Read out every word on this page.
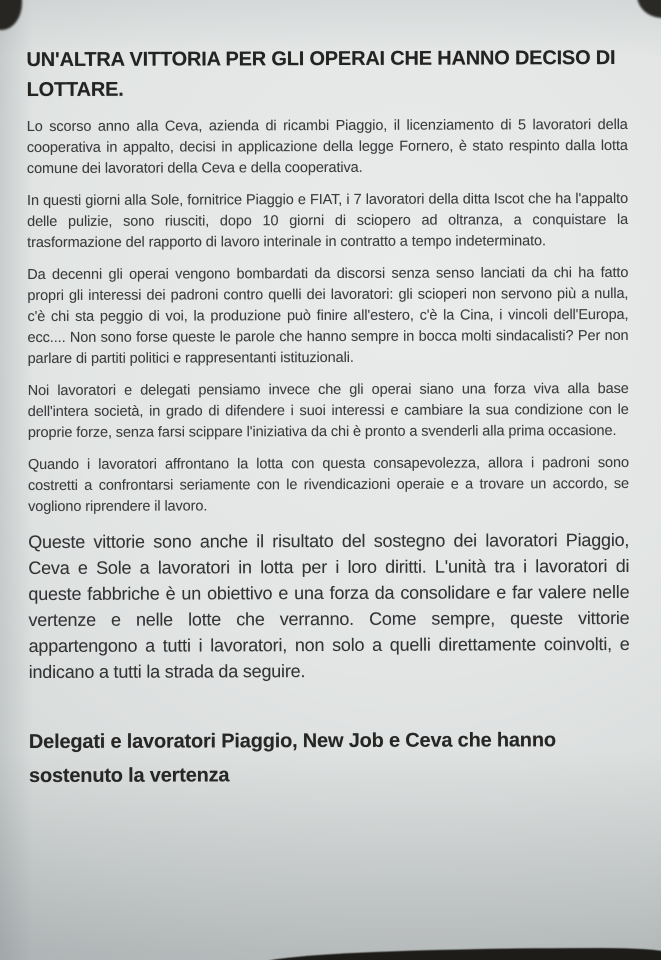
UN'ALTRA VITTORIA PER GLI OPERAI CHE HANNO DECISO DI LOTTARE.

Lo scorso anno alla Ceva, azienda di ricambi Piaggio, il licenziamento di 5 lavoratori della cooperativa in appalto, decisi in applicazione della legge Fornero, è stato respinto dalla lotta comune dei lavoratori della Ceva e della cooperativa.

In questi giorni alla Sole, fornitrice Piaggio e FIAT, i 7 lavoratori della ditta Iscot che ha l'appalto delle pulizie, sono riusciti, dopo 10 giorni di sciopero ad oltranza, a conquistare la trasformazione del rapporto di lavoro interinale in contratto a tempo indeterminato.

Da decenni gli operai vengono bombardati da discorsi senza senso lanciati da chi ha fatto propri gli interessi dei padroni contro quelli dei lavoratori: gli scioperi non servono più a nulla, c'è chi sta peggio di voi, la produzione può finire all'estero, c'è la Cina, i vincoli dell'Europa, ecc.... Non sono forse queste le parole che hanno sempre in bocca molti sindacalisti? Per non parlare di partiti politici e rappresentanti istituzionali.

Noi lavoratori e delegati pensiamo invece che gli operai siano una forza viva alla base dell'intera società, in grado di difendere i suoi interessi e cambiare la sua condizione con le proprie forze, senza farsi scippare l'iniziativa da chi è pronto a svenderli alla prima occasione.

Quando i lavoratori affrontano la lotta con questa consapevolezza, allora i padroni sono costretti a confrontarsi seriamente con le rivendicazioni operaie e a trovare un accordo, se vogliono riprendere il lavoro.

Queste vittorie sono anche il risultato del sostegno dei lavoratori Piaggio, Ceva e Sole a lavoratori in lotta per i loro diritti. L'unità tra i lavoratori di queste fabbriche è un obiettivo e una forza da consolidare e far valere nelle vertenze e nelle lotte che verranno. Come sempre, queste vittorie appartengono a tutti i lavoratori, non solo a quelli direttamente coinvolti, e indicano a tutti la strada da seguire.

Delegati e lavoratori Piaggio, New Job e Ceva che hanno sostenuto la vertenza
